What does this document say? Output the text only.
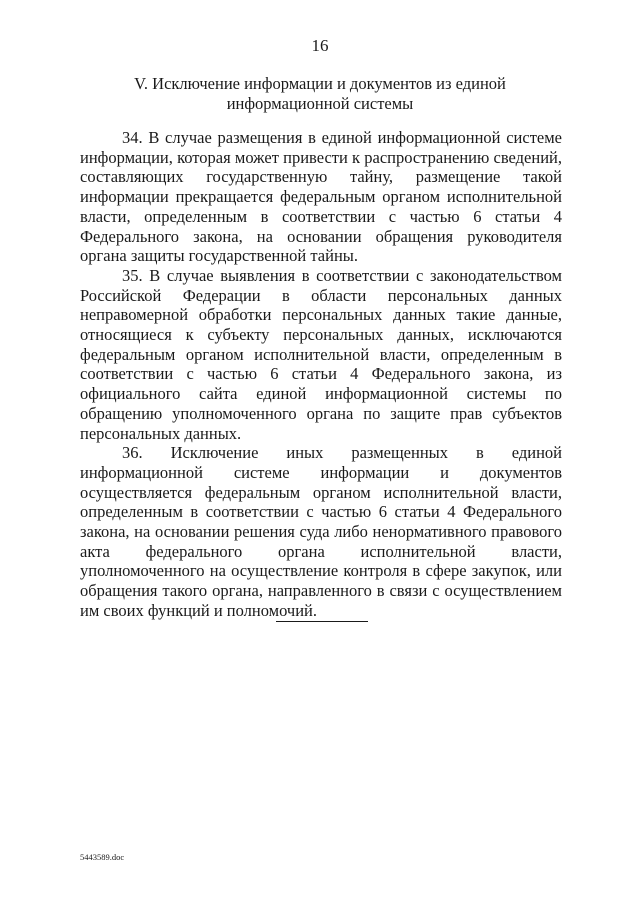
16
V. Исключение информации и документов из единой
информационной системы

34. В случае размещения в единой информационной системе информации, которая может привести к распространению сведений, составляющих государственную тайну, размещение такой информации прекращается федеральным органом исполнительной власти, определенным в соответствии с частью 6 статьи 4 Федерального закона, на основании обращения руководителя органа защиты государственной тайны.

35. В случае выявления в соответствии с законодательством Российской Федерации в области персональных данных неправомерной обработки персональных данных такие данные, относящиеся к субъекту персональных данных, исключаются федеральным органом исполнительной власти, определенным в соответствии с частью 6 статьи 4 Федерального закона, из официального сайта единой информационной системы по обращению уполномоченного органа по защите прав субъектов персональных данных.

36. Исключение иных размещенных в единой информационной системе информации и документов осуществляется федеральным органом исполнительной власти, определенным в соответствии с частью 6 статьи 4 Федерального закона, на основании решения суда либо ненормативного правового акта федерального органа исполнительной власти, уполномоченного на осуществление контроля в сфере закупок, или обращения такого органа, направленного в связи с осуществлением им своих функций и полномочий.

5443589.doc
